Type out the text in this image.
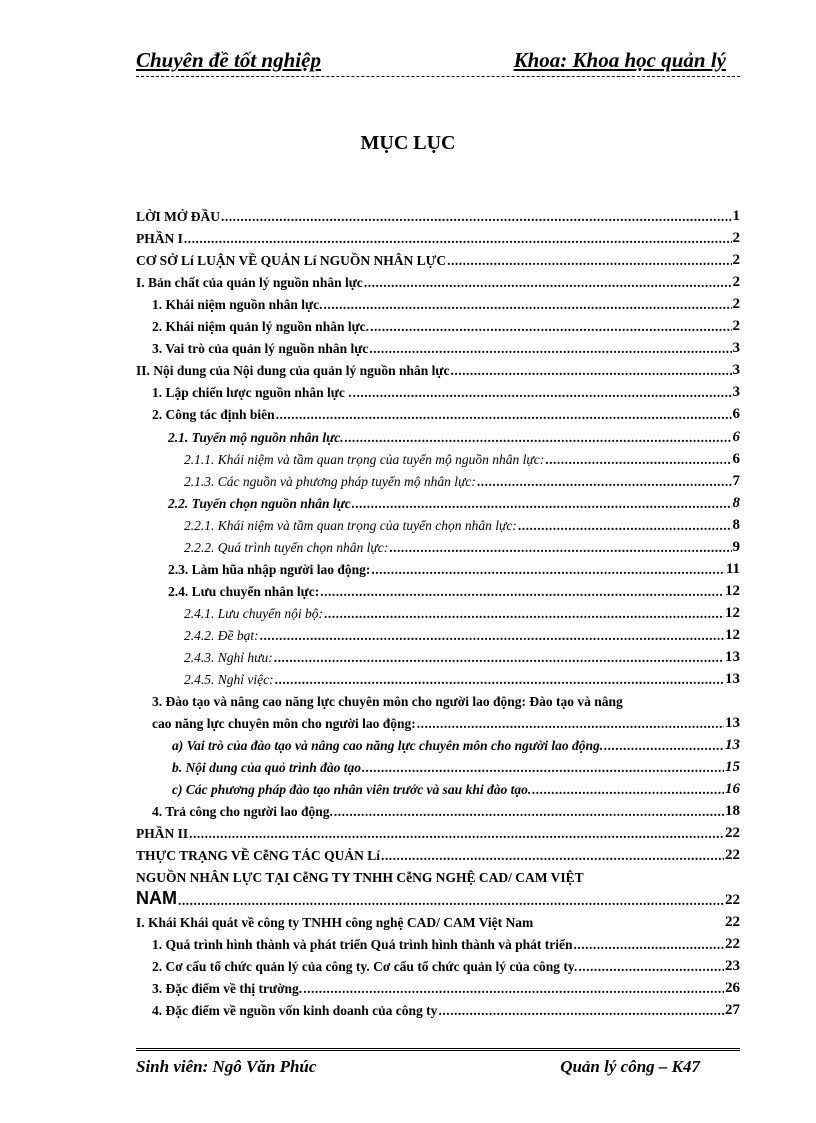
Chuyên đề tốt nghiệp	Khoa: Khoa học quản lý
MỤC LỤC
LỜI MỞ ĐẦU .....	1
PHẦN I .....	2
CƠ SỞ Lí LUẬN VỀ QUẢN Lí NGUỒN NHÂN LỰC .....	2
I. Bản chất của quản lý nguồn nhân lực .....	2
1. Khái niệm nguồn nhân lực. .....	2
2. Khái niệm quản lý nguồn nhân lực. .....	2
3. Vai trò của quản lý nguồn nhân lực .....	3
II. Nội dung của Nội dung của quản lý nguồn nhân lực .....	3
1. Lập chiến lược nguồn nhân lực . .....	3
2. Công tác định biên .....	6
2.1. Tuyển mộ nguồn nhân lực. .....	6
2.1.1. Khái niệm và tầm quan trọng của tuyển mộ nguồn nhân lực: .....	6
2.1.3. Các nguồn và phương pháp tuyển mộ nhân lực: .....	7
2.2. Tuyển chọn nguồn nhân lực .....	8
2.2.1. Khái niệm và tầm quan trọng của tuyển chọn nhân lực: .....	8
2.2.2. Quá trình tuyển chọn nhân lực: .....	9
2.3. Làm hũa nhập người lao động: .....	11
2.4. Lưu chuyển nhân lực: .....	12
2.4.1. Lưu chuyển nội bộ: .....	12
2.4.2. Đề bạt: .....	12
2.4.3. Nghỉ hưu: .....	13
2.4.5. Nghỉ việc: .....	13
3. Đào tạo và nâng cao năng lực chuyên môn cho người lao động: Đào tạo và nâng
cao năng lực chuyên môn cho người lao động: .....	13
a) Vai trò của đào tạo và nâng cao năng lực chuyên môn cho người lao động. .....	13
b. Nội dung của quỏ trình đào tạo .....	15
c) Các phương pháp đào tạo nhân viên trước và sau khi đào tạo. .....	16
4. Trả công cho người lao động. .....	18
PHẦN II .....	22
THỰC TRẠNG VỀ CễNG TÁC QUẢN Lí .....	22
NGUỒN NHÂN LỰC TẠI CễNG TY TNHH CễNG NGHỆ CAD/ CAM VIỆT
NAM .....	22
I. Khái Khái quát về công ty TNHH công nghệ CAD/ CAM Việt Nam	22
1. Quá trình hình thành và phát triển Quá trình hình thành và phát triển .....	22
2. Cơ cấu tổ chức quản lý của công ty. Cơ cấu tổ chức quản lý của công ty. .....	23
3. Đặc điểm về thị trường. .....	26
4. Đặc điểm về nguồn vốn kinh doanh của công ty .....	27
Sinh viên: Ngô Văn Phúc	Quản lý công – K47
